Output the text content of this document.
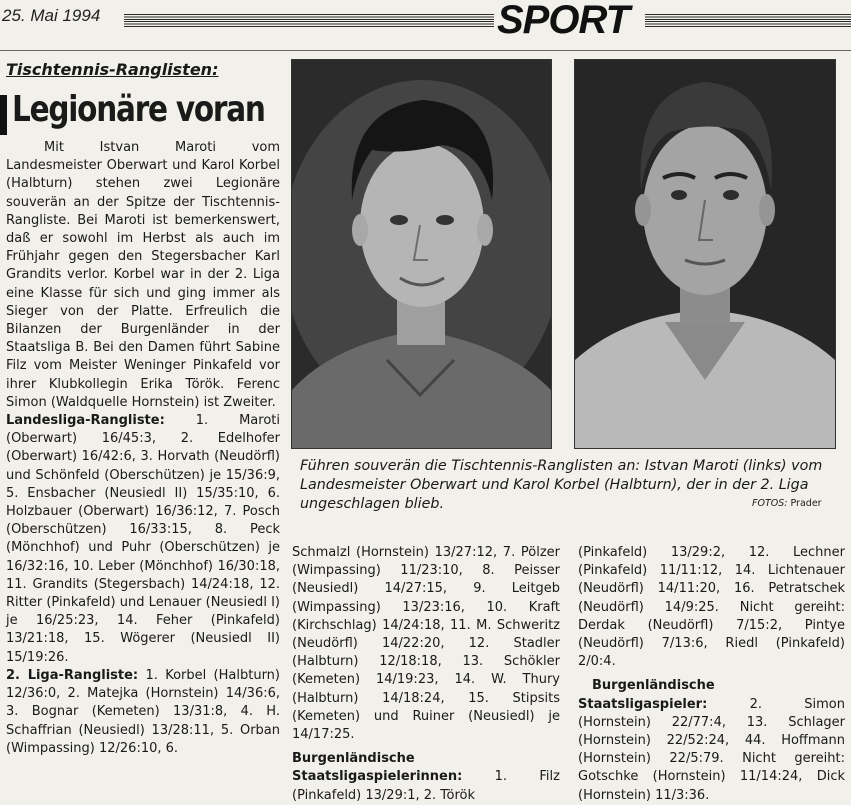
25. Mai 1994	SPORT
Tischtennis-Ranglisten:
Legionäre voran

Mit Istvan Maroti vom Landesmeister Oberwart und Karol Korbel (Halbturn) stehen zwei Legionäre souverän an der Spitze der Tischtennis-Rangliste. Bei Maroti ist bemerkenswert, daß er sowohl im Herbst als auch im Frühjahr gegen den Stegersbacher Karl Grandits verlor. Korbel war in der 2. Liga eine Klasse für sich und ging immer als Sieger von der Platte. Erfreulich die Bilanzen der Burgenländer in der Staatsliga B. Bei den Damen führt Sabine Filz vom Meister Weninger Pinkafeld vor ihrer Klubkollegin Erika Török. Ferenc Simon (Waldquelle Hornstein) ist Zweiter.

Landesliga-Rangliste: 1. Maroti (Oberwart) 16/45:3, 2. Edelhofer (Oberwart) 16/42:6, 3. Horvath (Neudörfl) und Schönfeld (Oberschützen) je 15/36:9, 5. Ensbacher (Neusiedl II) 15/35:10, 6. Holzbauer (Oberwart) 16/36:12, 7. Posch (Oberschützen) 16/33:15, 8. Peck (Mönchhof) und Puhr (Oberschützen) je 16/32:16, 10. Leber (Mönchhof) 16/30:18, 11. Grandits (Stegersbach) 14/24:18, 12. Ritter (Pinkafeld) und Lenauer (Neusiedl I) je 16/25:23, 14. Feher (Pinkafeld) 13/21:18, 15. Wögerer (Neusiedl II) 15/19:26.

2. Liga-Rangliste: 1. Korbel (Halbturn) 12/36:0, 2. Matejka (Hornstein) 14/36:6, 3. Bognar (Kemeten) 13/31:8, 4. H. Schaffrian (Neusiedl) 13/28:11, 5. Orban (Wimpassing) 12/26:10, 6.

Führen souverän die Tischtennis-Ranglisten an: Istvan Maroti (links) vom Landesmeister Oberwart und Karol Korbel (Halbturn), der in der 2. Liga ungeschlagen blieb.	FOTOS: Prader

Schmalzl (Hornstein) 13/27:12, 7. Pölzer (Wimpassing) 11/23:10, 8. Peisser (Neusiedl) 14/27:15, 9. Leitgeb (Wimpassing) 13/23:16, 10. Kraft (Kirchschlag) 14/24:18, 11. M. Schweritz (Neudörfl) 14/22:20, 12. Stadler (Halbturn) 12/18:18, 13. Schökler (Kemeten) 14/19:23, 14. W. Thury (Halbturn) 14/18:24, 15. Stipsits (Kemeten) und Ruiner (Neusiedl) je 14/17:25.

Burgenländische Staatsligaspielerinnen: 1. Filz (Pinkafeld) 13/29:1, 2. Török

(Pinkafeld) 13/29:2, 12. Lechner (Pinkafeld) 11/11:12, 14. Lichtenauer (Neudörfl) 14/11:20, 16. Petratschek (Neudörfl) 14/9:25. Nicht gereiht: Derdak (Neudörfl) 7/15:2, Pintye (Neudörfl) 7/13:6, Riedl (Pinkafeld) 2/0:4.

Burgenländische Staatsligaspieler:	2. Simon (Hornstein) 22/77:4, 13. Schlager (Hornstein) 22/52:24, 44. Hoffmann (Hornstein) 22/5:79. Nicht gereiht: Gotschke (Hornstein) 11/14:24, Dick (Hornstein) 11/3:36.
